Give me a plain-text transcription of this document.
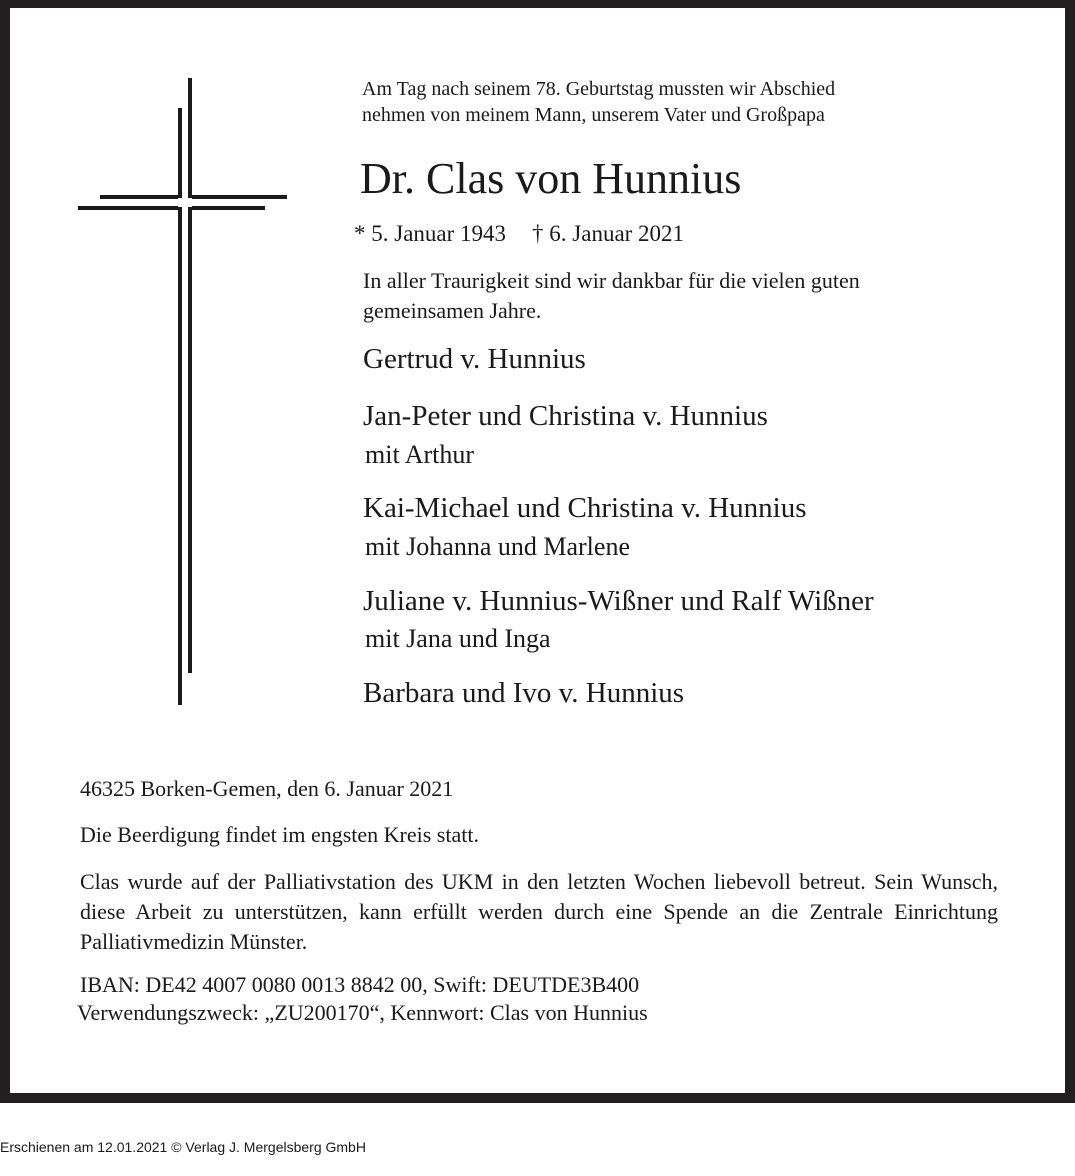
Am Tag nach seinem 78. Geburtstag mussten wir Abschied
nehmen von meinem Mann, unserem Vater und Großpapa

Dr. Clas von Hunnius

* 5. Januar 1943 † 6. Januar 2021

In aller Traurigkeit sind wir dankbar für die vielen guten
gemeinsamen Jahre.

Gertrud v. Hunnius
Jan-Peter und Christina v. Hunnius
mit Arthur
Kai-Michael und Christina v. Hunnius
mit Johanna und Marlene
Juliane v. Hunnius-Wißner und Ralf Wißner
mit Jana und Inga
Barbara und Ivo v. Hunnius

46325 Borken-Gemen, den 6. Januar 2021

Die Beerdigung findet im engsten Kreis statt.

Clas wurde auf der Palliativstation des UKM in den letzten Wochen liebevoll betreut. Sein Wunsch, diese Arbeit zu unterstützen, kann erfüllt werden durch eine Spende an die Zentrale Einrichtung Palliativmedizin Münster.

IBAN: DE42 4007 0080 0013 8842 00, Swift: DEUTDE3B400
Verwendungszweck: „ZU200170“, Kennwort: Clas von Hunnius

Erschienen am 12.01.2021 © Verlag J. Mergelsberg GmbH
